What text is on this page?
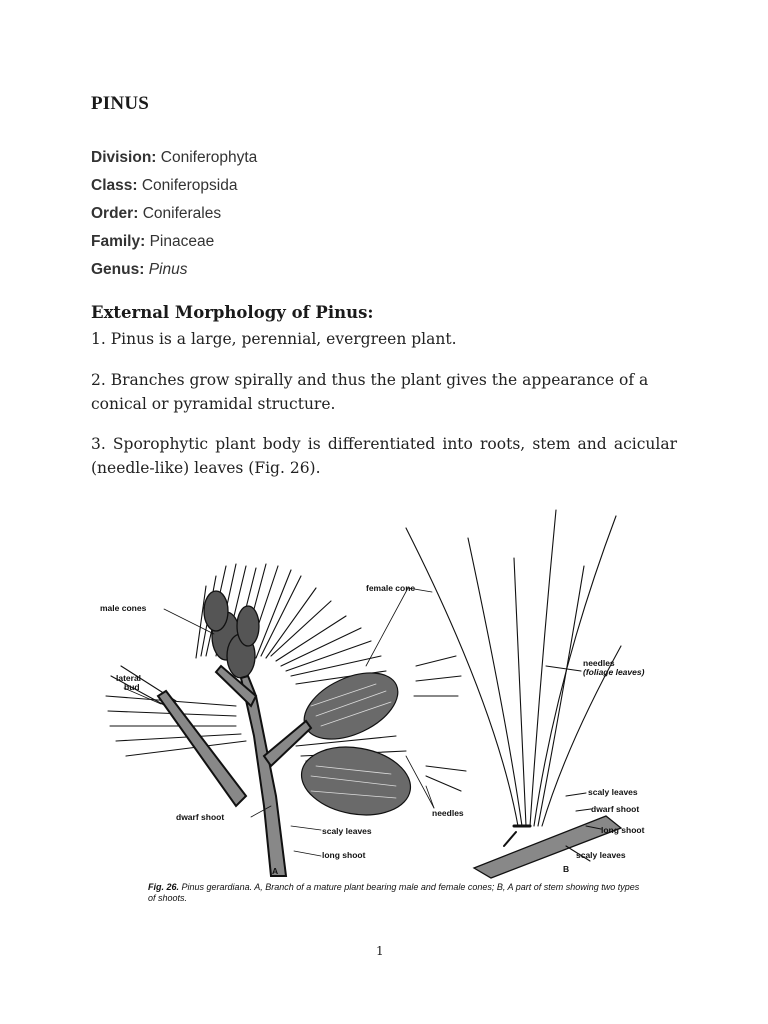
PINUS
Division: Coniferophyta
Class: Coniferopsida
Order: Coniferales
Family: Pinaceae
Genus: Pinus
External Morphology of Pinus:
1. Pinus is a large, perennial, evergreen plant.
2. Branches grow spirally and thus the plant gives the appearance of a conical or pyramidal structure.
3. Sporophytic plant body is differentiated into roots, stem and acicular (needle-like) leaves (Fig. 26).
male cones
female cone
lateral
bud
dwarf shoot
scaly leaves
long shoot
needles
A
needles
(foliage leaves)
scaly leaves
dwarf shoot
long shoot
scaly leaves
B
Fig. 26. Pinus gerardiana. A, Branch of a mature plant bearing male and female cones; B, A part of stem showing two types of shoots.
1
